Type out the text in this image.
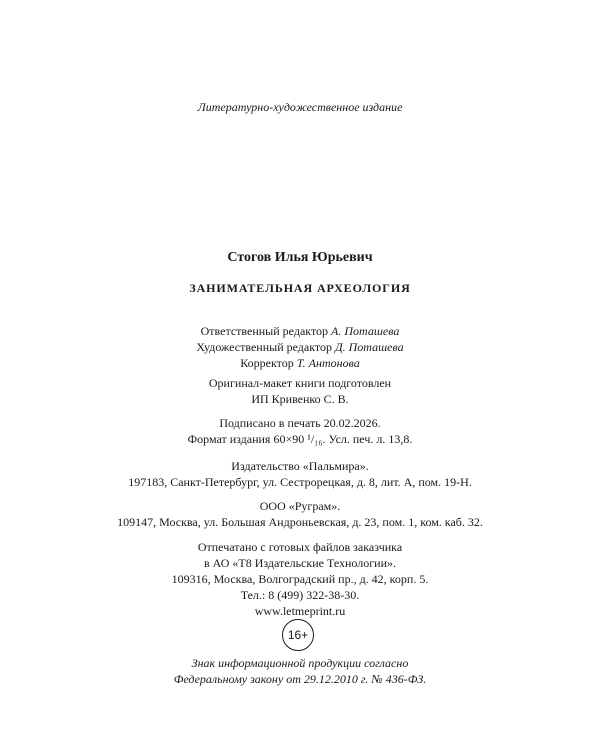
Литературно-художественное издание
Стогов Илья Юрьевич
ЗАНИМАТЕЛЬНАЯ АРХЕОЛОГИЯ
Ответственный редактор А. Поташева
Художественный редактор Д. Поташева
Корректор Т. Антонова
Оригинал-макет книги подготовлен
ИП Кривенко С. В.
Подписано в печать 20.02.2026.
Формат издания 60×90 ¹/₁₆. Усл. печ. л. 13,8.
Издательство «Пальмира».
197183, Санкт-Петербург, ул. Сестрорецкая, д. 8, лит. А, пом. 19-Н.
ООО «Руграм».
109147, Москва, ул. Большая Андроньевская, д. 23, пом. 1, ком. каб. 32.
Отпечатано с готовых файлов заказчика
в АО «Т8 Издательские Технологии».
109316, Москва, Волгоградский пр., д. 42, корп. 5.
Тел.: 8 (499) 322-38-30.
www.letmeprint.ru
16+
Знак информационной продукции согласно
Федеральному закону от 29.12.2010 г. № 436-ФЗ.
